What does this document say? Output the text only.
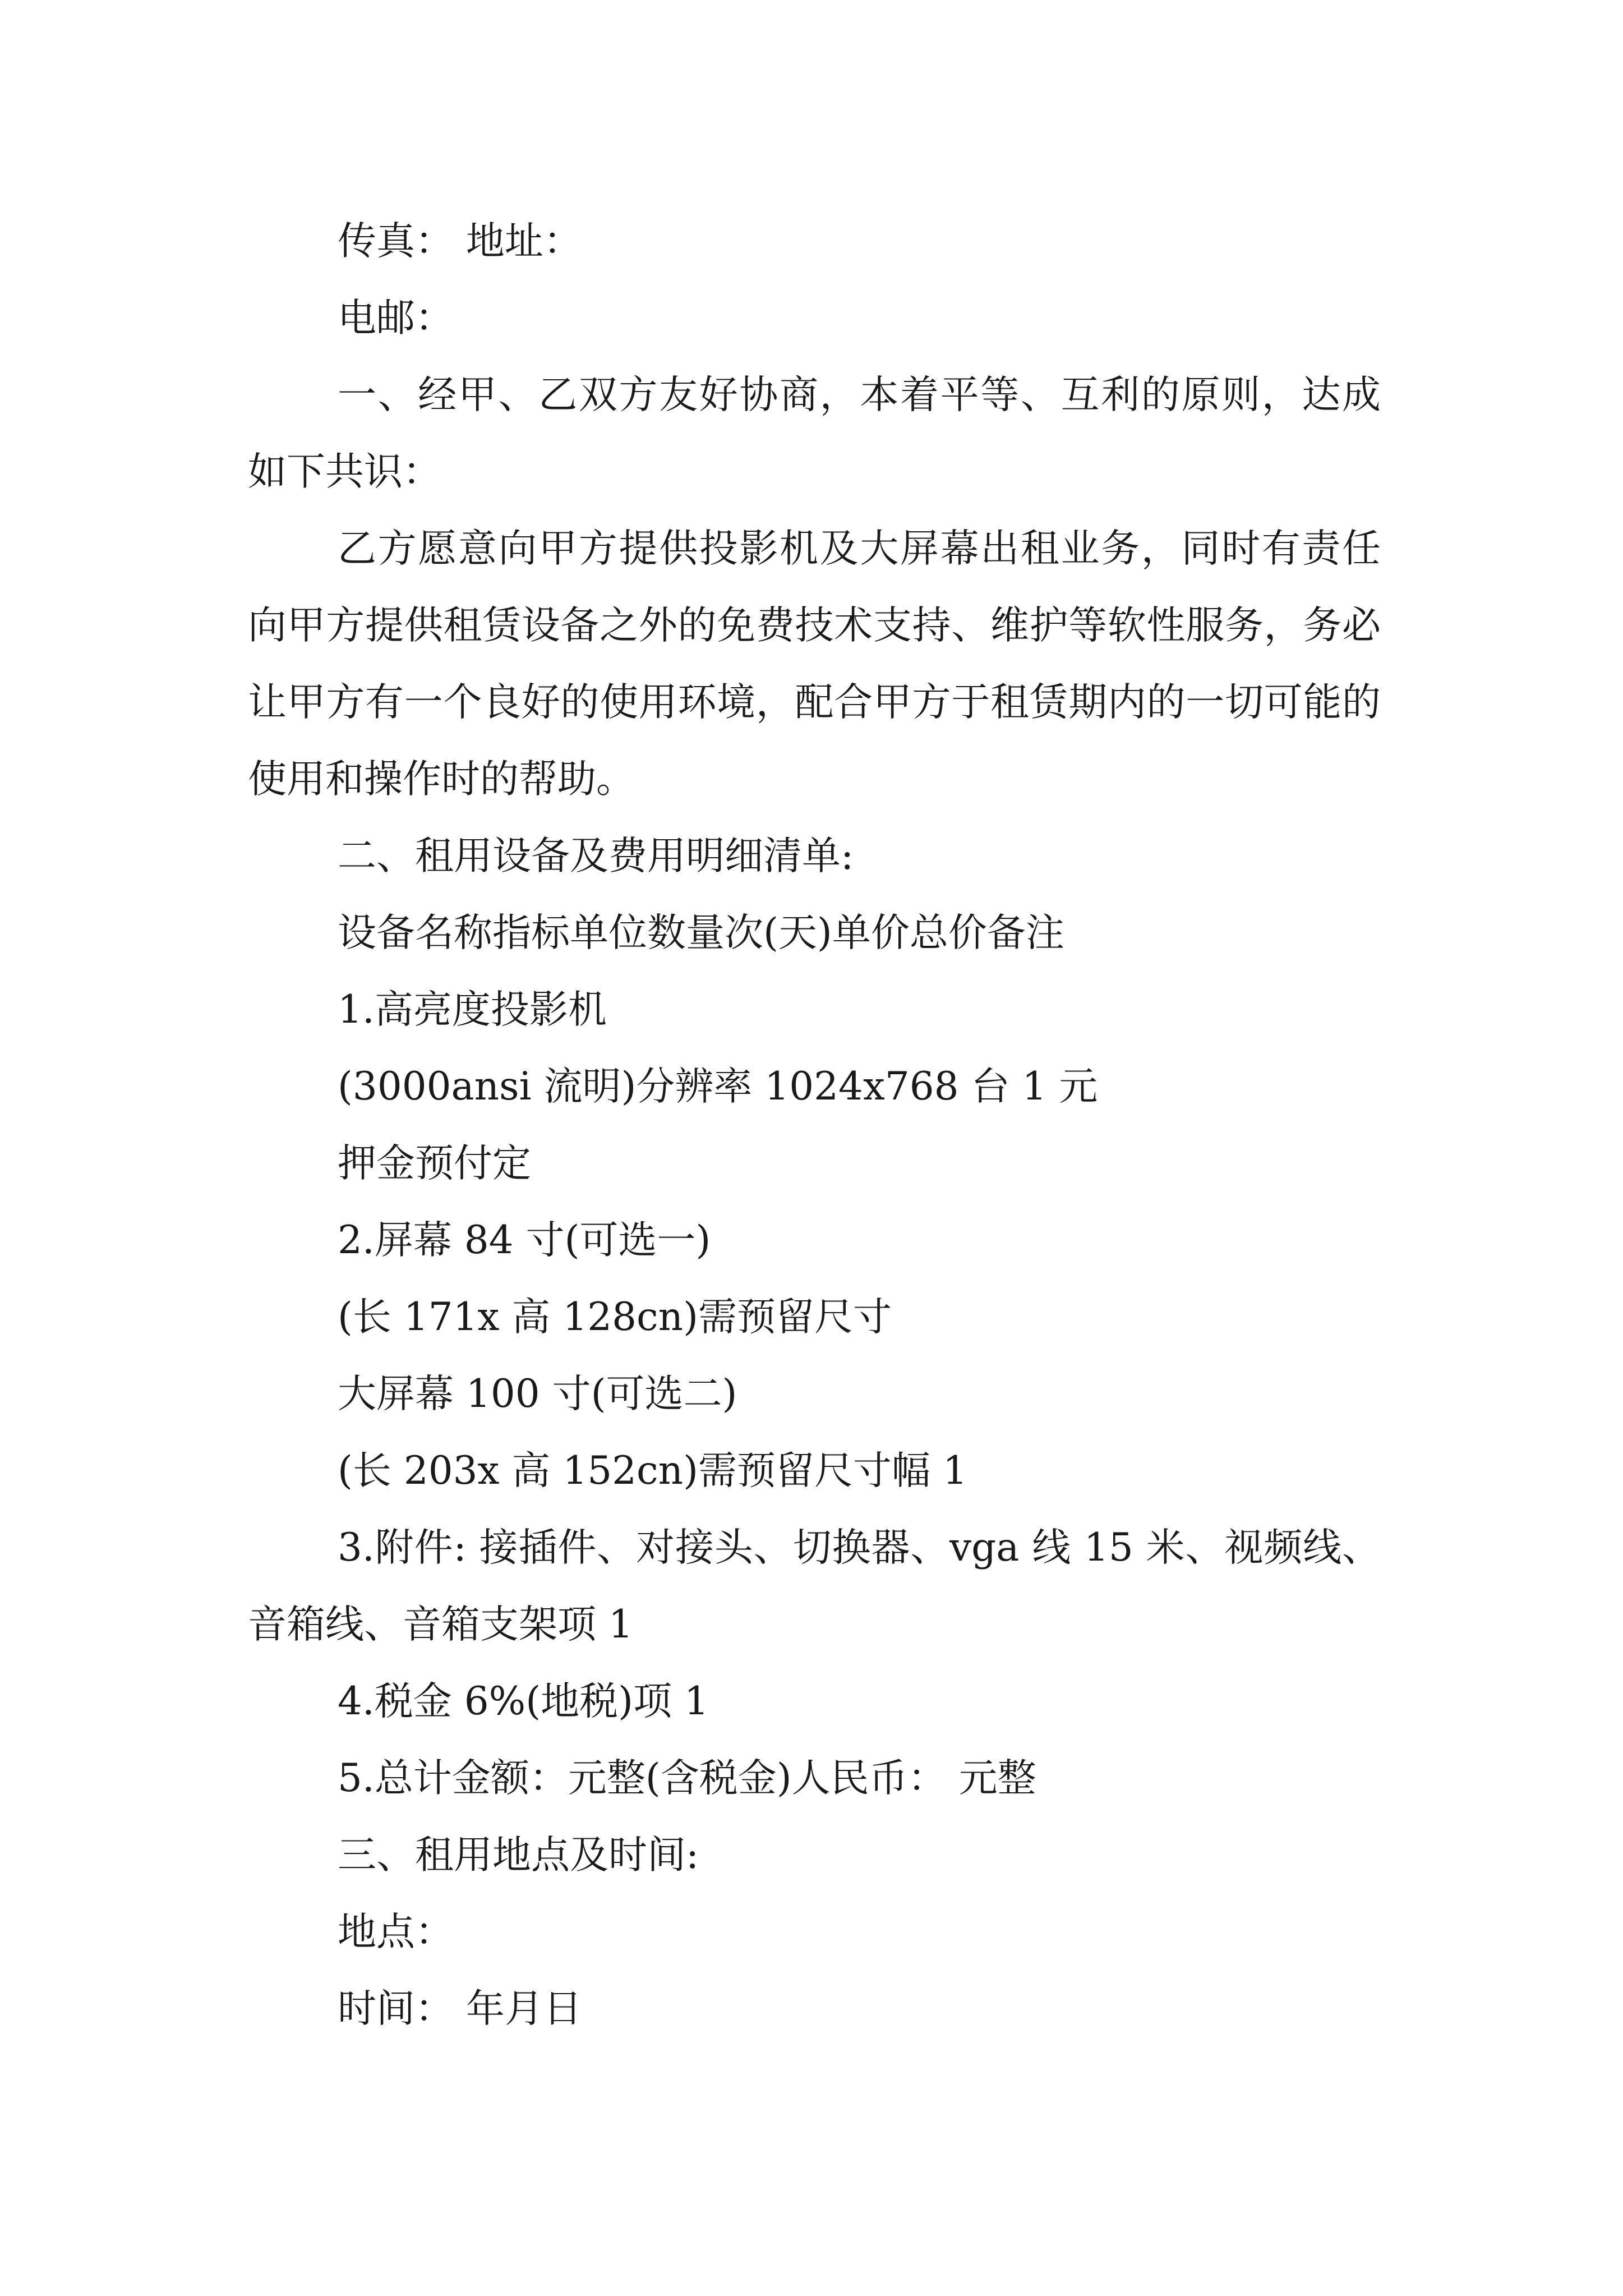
传真： 地址：

电邮：

一、经甲、乙双方友好协商，本着平等、互利的原则，达成如下共识：

乙方愿意向甲方提供投影机及大屏幕出租业务，同时有责任向甲方提供租赁设备之外的免费技术支持、维护等软性服务，务必让甲方有一个良好的使用环境，配合甲方于租赁期内的一切可能的使用和操作时的帮助。

二、租用设备及费用明细清单:

设备名称指标单位数量次(天)单价总价备注

1.高亮度投影机

(3000ansi 流明)分辨率 1024x768 台 1 元

押金预付定

2.屏幕 84 寸(可选一)

(长 171x 高 128cn)需预留尺寸

大屏幕 100 寸(可选二)

(长 203x 高 152cn)需预留尺寸幅 1

3.附件: 接插件、对接头、切换器、vga 线 15 米、视频线、音箱线、音箱支架项 1

4.税金 6%(地税)项 1

5.总计金额：元整(含税金)人民币： 元整

三、租用地点及时间:

地点：

时间： 年月日
